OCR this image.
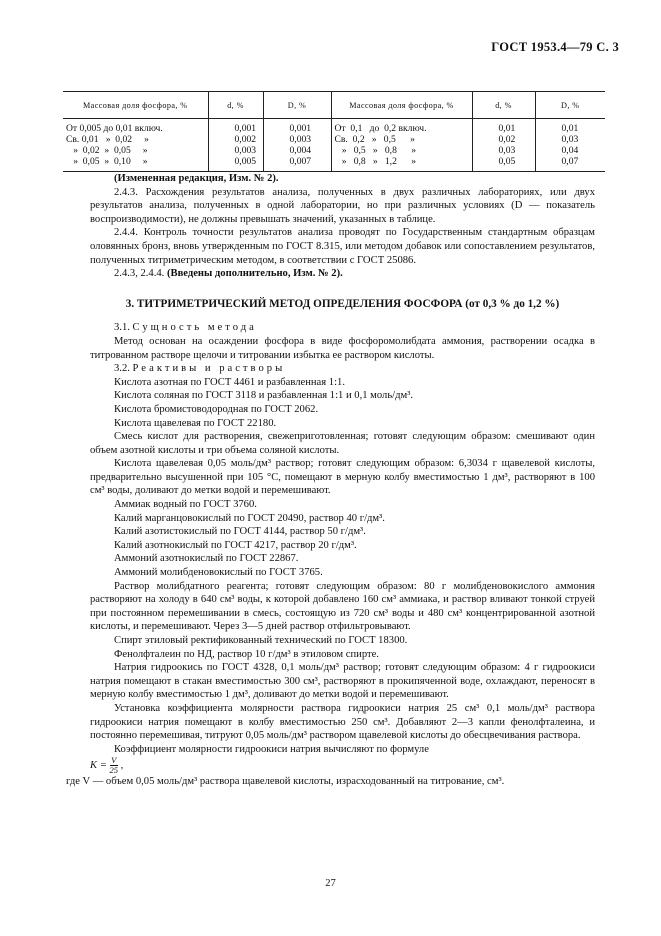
ГОСТ 1953.4—79 С. 3
Массовая доля фосфора, %	d, %	D, %	Массовая доля фосфора, %	d, %	D, %
От 0,005 до 0,01 включ.	0,001	0,001	От  0,1   до  0,2 включ.	0,01	0,01
Св. 0,01   »  0,02     »	0,002	0,003	Св.  0,2   »   0,5      »	0,02	0,03
»  0,02  »  0,05     »	0,003	0,004	»   0,5   »   0,8      »	0,03	0,04
»  0,05  »  0,10     »	0,005	0,007	»   0,8   »   1,2      »	0,05	0,07

(Измененная редакция, Изм. № 2).

2.4.3. Расхождения результатов анализа, полученных в двух различных лабораториях, или двух результатов анализа, полученных в одной лаборатории, но при различных условиях (D — показатель воспроизводимости), не должны превышать значений, указанных в таблице.

2.4.4. Контроль точности результатов анализа проводят по Государственным стандартным образцам оловянных бронз, вновь утвержденным по ГОСТ 8.315, или методом добавок или сопоставлением результатов, полученных титриметрическим методом, в соответствии с ГОСТ 25086.

2.4.3, 2.4.4. (Введены дополнительно, Изм. № 2).

3. ТИТРИМЕТРИЧЕСКИЙ МЕТОД ОПРЕДЕЛЕНИЯ ФОСФОРА (от 0,3 % до 1,2 %)

3.1. Сущность метода

Метод основан на осаждении фосфора в виде фосфоромолибдата аммония, растворении осадка в титрованном растворе щелочи и титровании избытка ее раствором кислоты.

3.2. Реактивы и растворы

Кислота азотная по ГОСТ 4461 и разбавленная 1:1.

Кислота соляная по ГОСТ 3118 и разбавленная 1:1 и 0,1 моль/дм³.

Кислота бромистоводородная по ГОСТ 2062.

Кислота щавелевая по ГОСТ 22180.

Смесь кислот для растворения, свежеприготовленная; готовят следующим образом: смешивают один объем азотной кислоты и три объема соляной кислоты.

Кислота щавелевая 0,05 моль/дм³ раствор; готовят следующим образом: 6,3034 г щавелевой кислоты, предварительно высушенной при 105 °С, помещают в мерную колбу вместимостью 1 дм³, растворяют в 100 см³ воды, доливают до метки водой и перемешивают.

Аммиак водный по ГОСТ 3760.

Калий марганцовокислый по ГОСТ 20490, раствор 40 г/дм³.

Калий азотистокислый по ГОСТ 4144, раствор 50 г/дм³.

Калий азотнокислый по ГОСТ 4217, раствор 20 г/дм³.

Аммоний азотнокислый по ГОСТ 22867.

Аммоний молибденовокислый по ГОСТ 3765.

Раствор молибдатного реагента; готовят следующим образом: 80 г молибденовокислого аммония растворяют на холоду в 640 см³ воды, к которой добавлено 160 см³ аммиака, и раствор вливают тонкой струей при постоянном перемешивании в смесь, состоящую из 720 см³ воды и 480 см³ концентрированной азотной кислоты, и перемешивают. Через 3—5 дней раствор отфильтровывают.

Спирт этиловый ректификованный технический по ГОСТ 18300.

Фенолфталеин по НД, раствор 10 г/дм³ в этиловом спирте.

Натрия гидроокись по ГОСТ 4328, 0,1 моль/дм³ раствор; готовят следующим образом: 4 г гидроокиси натрия помещают в стакан вместимостью 300 см³, растворяют в прокипяченной воде, охлаждают, переносят в мерную колбу вместимостью 1 дм³, доливают до метки водой и перемешивают.

Установка коэффициента молярности раствора гидроокиси натрия 25 см³ 0,1 моль/дм³ раствора гидроокиси натрия помещают в колбу вместимостью 250 см³. Добавляют 2—3 капли фенолфталеина, и постоянно перемешивая, титруют 0,05 моль/дм³ раствором щавелевой кислоты до обесцвечивания раствора.

Коэффициент молярности гидроокиси натрия вычисляют по формуле

$K = \frac{V}{25}$ ,

где V — объем 0,05 моль/дм³ раствора щавелевой кислоты, израсходованный на титрование, см³.

27
